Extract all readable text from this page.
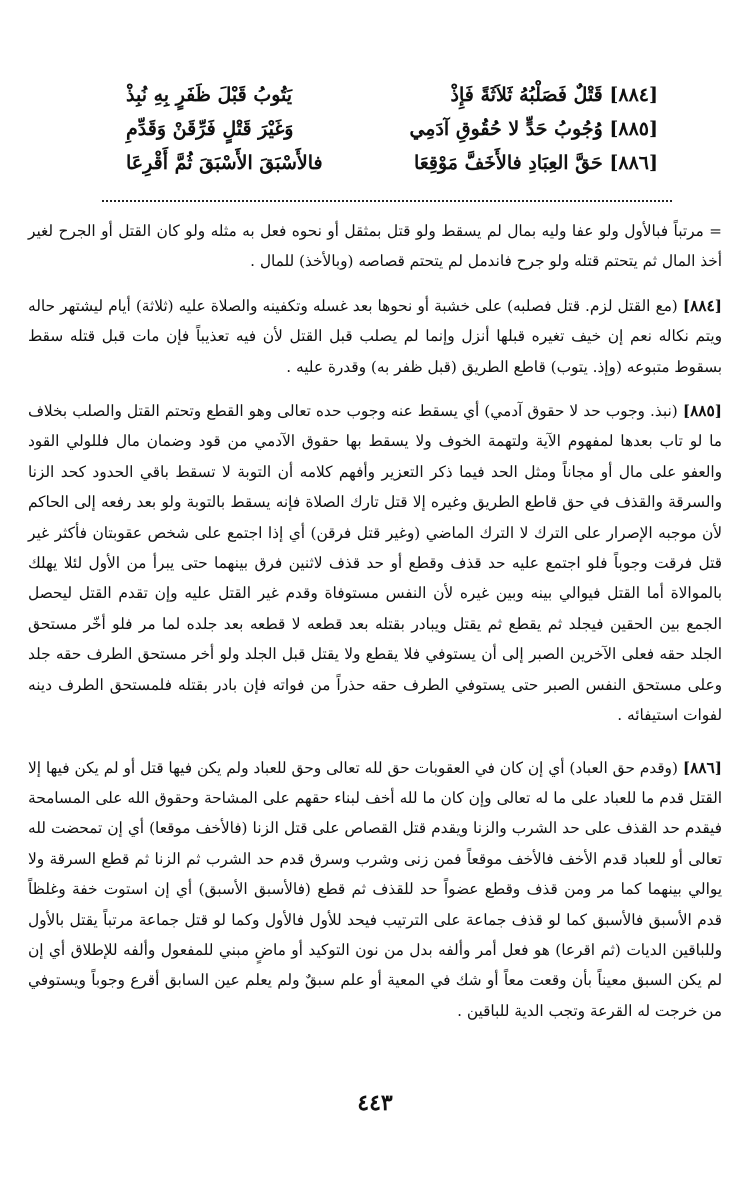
[٨٨٤] قَتْلٌ فَصَلْبُهُ ثَلاَثَةً فَإِذْ
يَتُوبُ قَبْلَ ظَفَرٍ بِهِ نُبِذْ
[٨٨٥] وُجُوبُ حَدٍّ لا حُقُوقِ آدَمِي
وَغَيْرَ قَتْلٍ فَرِّقَنْ وَقَدِّمِ
[٨٨٦] حَقَّ العِبَادِ فالأَخَفَّ مَوْقِعَا
فالأَسْبَقَ الأَسْبَقَ ثُمَّ أَقْرِعَا

= مرتباً فبالأول ولو عفا وليه بمال لم يسقط ولو قتل بمثقل أو نحوه فعل به مثله ولو كان القتل أو الجرح لغير أخذ المال ثم يتحتم قتله ولو جرح فاندمل لم يتحتم قصاصه (وبالأخذ) للمال .

[٨٨٤] (مع القتل لزم. قتل فصلبه) على خشبة أو نحوها بعد غسله وتكفينه والصلاة عليه (ثلاثة) أيام ليشتهر حاله ويتم نكاله نعم إن خيف تغيره قبلها أنزل وإنما لم يصلب قبل القتل لأن فيه تعذيباً فإن مات قبل قتله سقط بسقوط متبوعه (وإذ. يتوب) قاطع الطريق (قبل ظفر به) وقدرة عليه .

[٨٨٥] (نبذ. وجوب حد لا حقوق آدمي) أي يسقط عنه وجوب حده تعالى وهو القطع وتحتم القتل والصلب بخلاف ما لو تاب بعدها لمفهوم الآية ولتهمة الخوف ولا يسقط بها حقوق الآدمي من قود وضمان مال فللولي القود والعفو على مال أو مجاناً ومثل الحد فيما ذكر التعزير وأفهم كلامه أن التوبة لا تسقط باقي الحدود كحد الزنا والسرقة والقذف في حق قاطع الطريق وغيره إلا قتل تارك الصلاة فإنه يسقط بالتوبة ولو بعد رفعه إلى الحاكم لأن موجبه الإصرار على الترك لا الترك الماضي (وغير قتل فرقن) أي إذا اجتمع على شخص عقوبتان فأكثر غير قتل فرقت وجوباً فلو اجتمع عليه حد قذف وقطع أو حد قذف لاثنين فرق بينهما حتى يبرأ من الأول لئلا يهلك بالموالاة أما القتل فيوالي بينه وبين غيره لأن النفس مستوفاة وقدم غير القتل عليه وإن تقدم القتل ليحصل الجمع بين الحقين فيجلد ثم يقطع ثم يقتل ويبادر بقتله بعد قطعه لا قطعه بعد جلده لما مر فلو أخّر مستحق الجلد حقه فعلى الآخرين الصبر إلى أن يستوفي فلا يقطع ولا يقتل قبل الجلد ولو أخر مستحق الطرف حقه جلد وعلى مستحق النفس الصبر حتى يستوفي الطرف حقه حذراً من فواته فإن بادر بقتله فلمستحق الطرف دينه لفوات استيفائه .

[٨٨٦] (وقدم حق العباد) أي إن كان في العقوبات حق لله تعالى وحق للعباد ولم يكن فيها قتل أو لم يكن فيها إلا القتل قدم ما للعباد على ما له تعالى وإن كان ما لله أخف لبناء حقهم على المشاحة وحقوق الله على المسامحة فيقدم حد القذف على حد الشرب والزنا ويقدم قتل القصاص على قتل الزنا (فالأخف موقعا) أي إن تمحضت لله تعالى أو للعباد قدم الأخف فالأخف موقعاً فمن زنى وشرب وسرق قدم حد الشرب ثم الزنا ثم قطع السرقة ولا يوالي بينهما كما مر ومن قذف وقطع عضواً حد للقذف ثم قطع (فالأسبق الأسبق) أي إن استوت خفة وغلظاً قدم الأسبق فالأسبق كما لو قذف جماعة على الترتيب فيحد للأول فالأول وكما لو قتل جماعة مرتباً يقتل بالأول وللباقين الديات (ثم اقرعا) هو فعل أمر وألفه بدل من نون التوكيد أو ماضٍ مبني للمفعول وألفه للإطلاق أي إن لم يكن السبق معيناً بأن وقعت معاً أو شك في المعية أو علم سبقٌ ولم يعلم عين السابق أقرع وجوباً ويستوفي من خرجت له القرعة وتجب الدية للباقين .

٤٤٣
